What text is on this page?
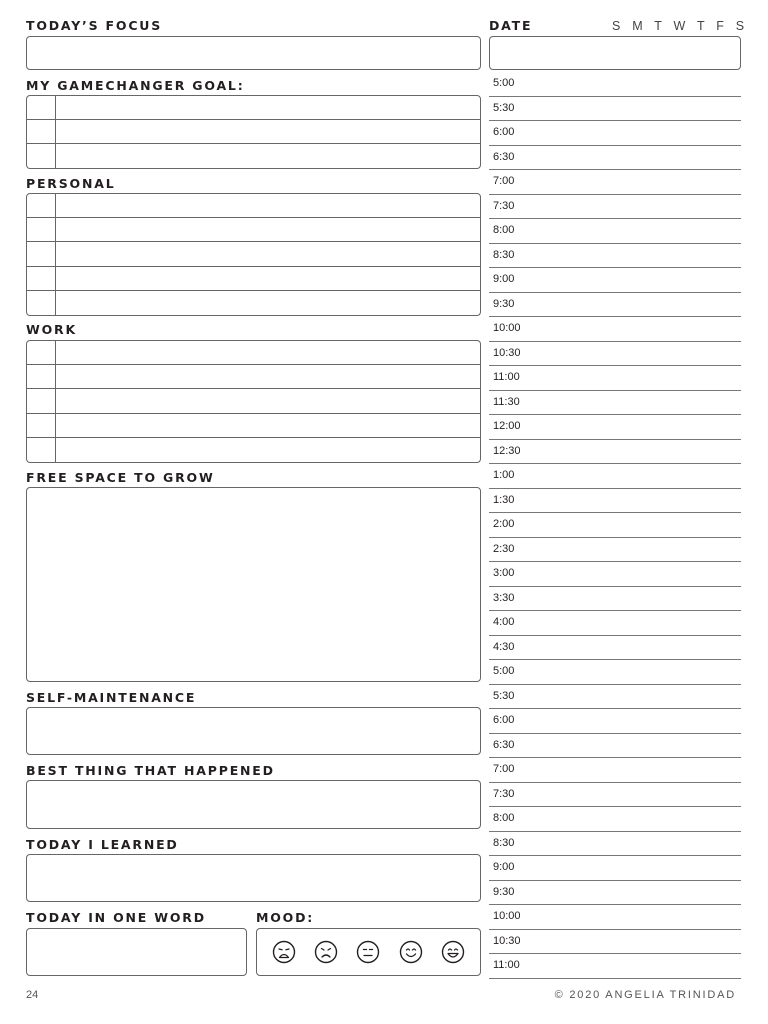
TODAY’S FOCUS	DATE	S M T W T F S
MY GAMECHANGER GOAL:
PERSONAL
WORK
FREE SPACE TO GROW
SELF-MAINTENANCE
BEST THING THAT HAPPENED
TODAY I LEARNED
TODAY IN ONE WORD	MOOD:
5:00
5:30
6:00
6:30
7:00
7:30
8:00
8:30
9:00
9:30
10:00
10:30
11:00
11:30
12:00
12:30
1:00
1:30
2:00
2:30
3:00
3:30
4:00
4:30
5:00
5:30
6:00
6:30
7:00
7:30
8:00
8:30
9:00
9:30
10:00
10:30
11:00
24	© 2020 ANGELIA TRINIDAD
